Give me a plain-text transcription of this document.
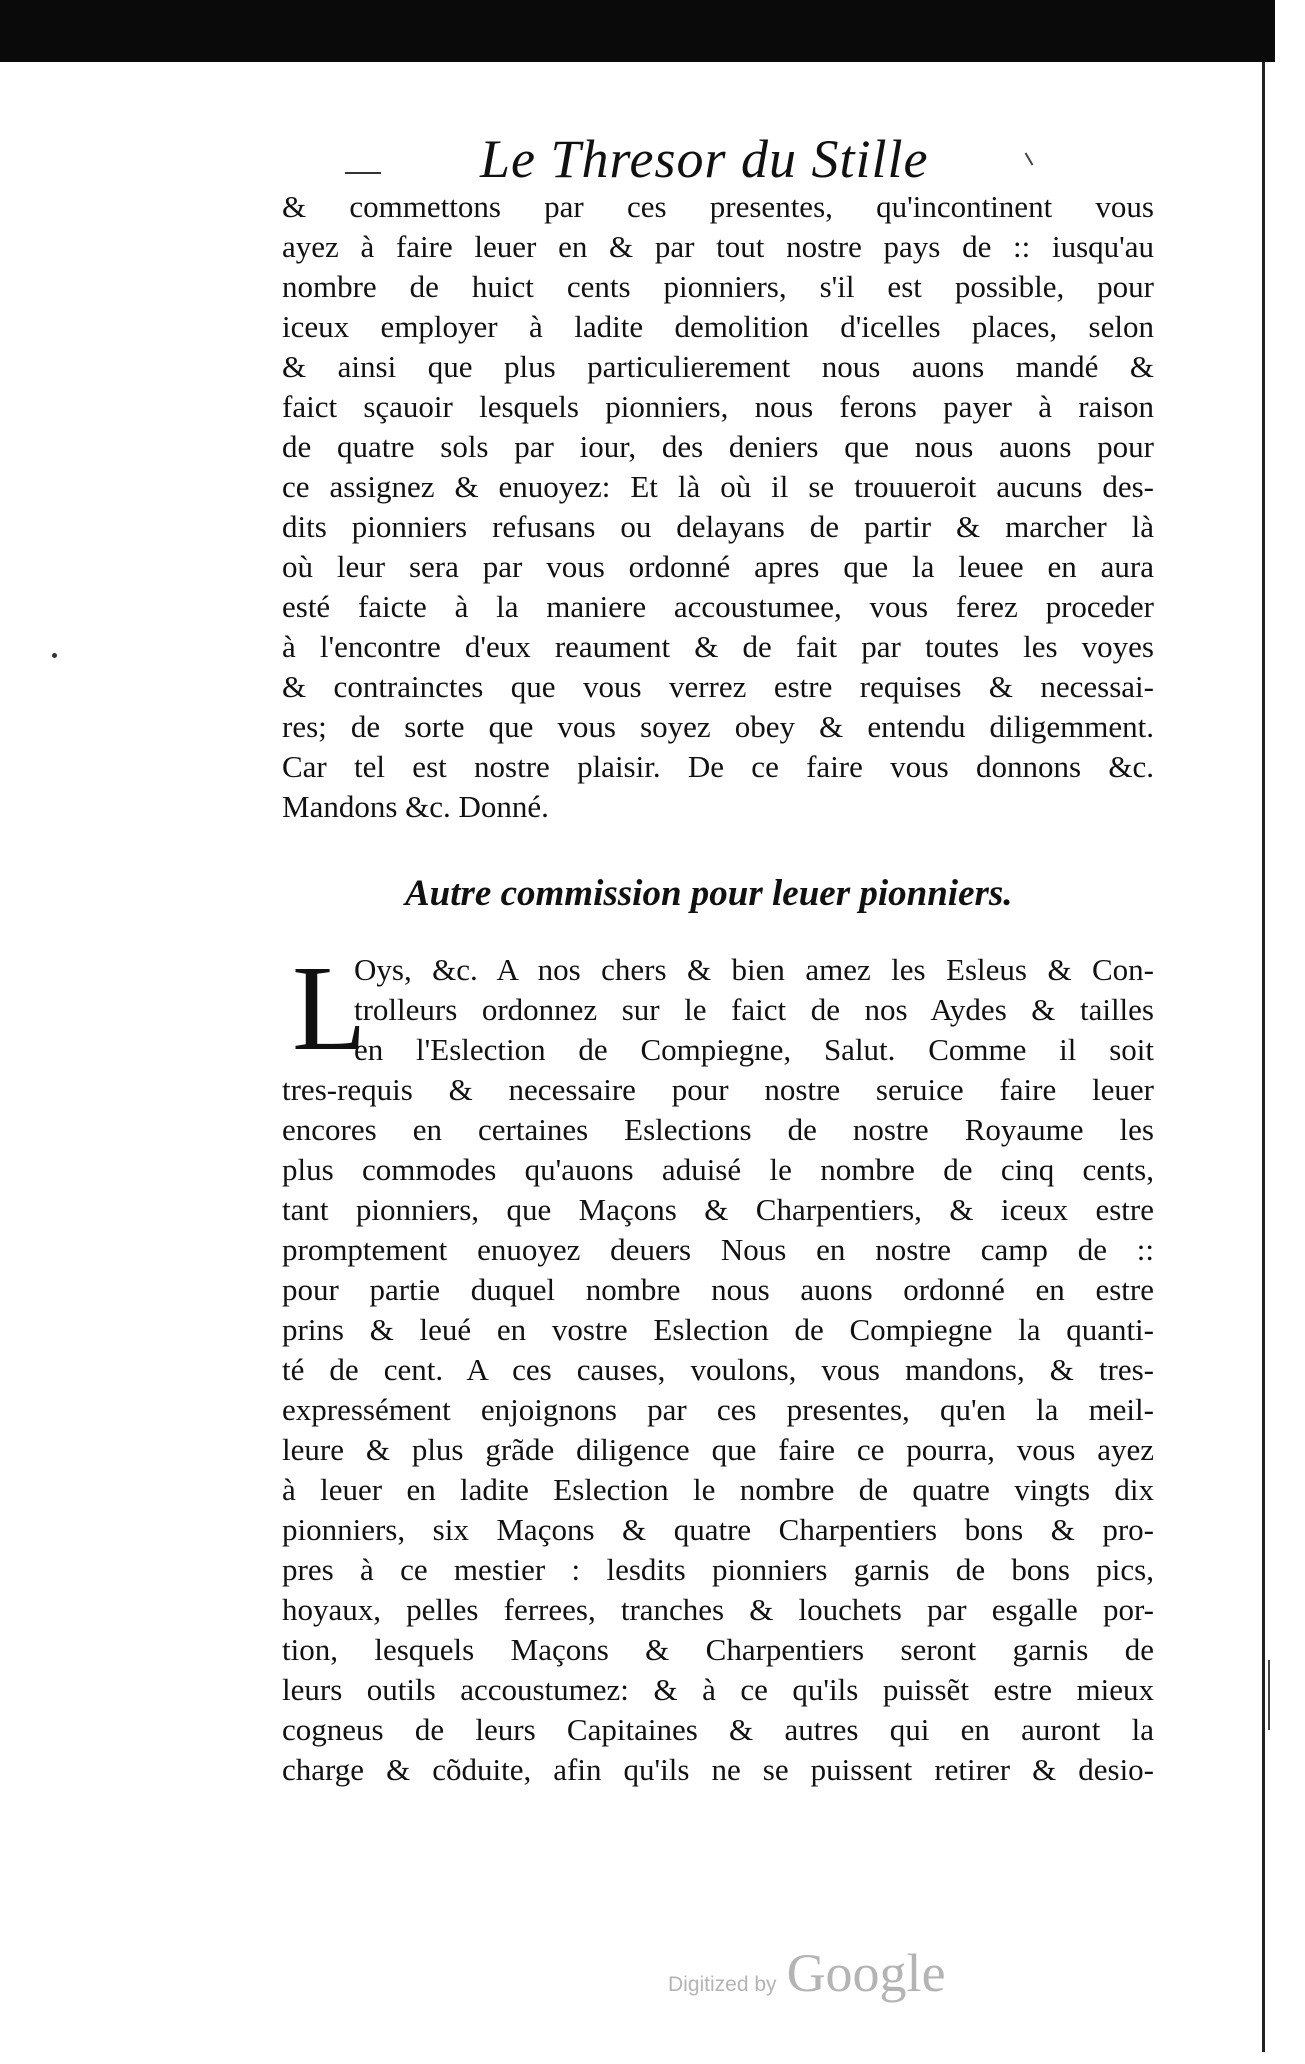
Le Thresor du Stille
& commettons par ces presentes, qu'incontinent vous
ayez à faire leuer en & par tout nostre pays de :: iusqu'au
nombre de huict cents pionniers, s'il est possible, pour
iceux employer à ladite demolition d'icelles places, selon
& ainsi que plus particulierement nous auons mandé &
faict sçauoir lesquels pionniers, nous ferons payer à raison
de quatre sols par iour, des deniers que nous auons pour
ce assignez & enuoyez: Et là où il se trouueroit aucuns des-
dits pionniers refusans ou delayans de partir & marcher là
où leur sera par vous ordonné apres que la leuee en aura
esté faicte à la maniere accoustumee, vous ferez proceder
à l'encontre d'eux reaument & de fait par toutes les voyes
& contrainctes que vous verrez estre requises & necessai-
res; de sorte que vous soyez obey & entendu diligemment.
Car tel est nostre plaisir. De ce faire vous donnons &c.
Mandons &c. Donné.
Autre commission pour leuer pionniers.
L
Oys, &c. A nos chers & bien amez les Esleus & Con-
trolleurs ordonnez sur le faict de nos Aydes & tailles
en l'Eslection de Compiegne, Salut. Comme il soit
tres-requis & necessaire pour nostre seruice faire leuer
encores en certaines Eslections de nostre Royaume les
plus commodes qu'auons aduisé le nombre de cinq cents,
tant pionniers, que Maçons & Charpentiers, & iceux estre
promptement enuoyez deuers Nous en nostre camp de ::
pour partie duquel nombre nous auons ordonné en estre
prins & leué en vostre Eslection de Compiegne la quanti-
té de cent. A ces causes, voulons, vous mandons, & tres-
expressément enjoignons par ces presentes, qu'en la meil-
leure & plus grãde diligence que faire ce pourra, vous ayez
à leuer en ladite Eslection le nombre de quatre vingts dix
pionniers, six Maçons & quatre Charpentiers bons & pro-
pres à ce mestier : lesdits pionniers garnis de bons pics,
hoyaux, pelles ferrees, tranches & louchets par esgalle por-
tion, lesquels Maçons & Charpentiers seront garnis de
leurs outils accoustumez: & à ce qu'ils puissẽt estre mieux
cogneus de leurs Capitaines & autres qui en auront la
charge & cõduite, afin qu'ils ne se puissent retirer & desio-
Digitized by Google
